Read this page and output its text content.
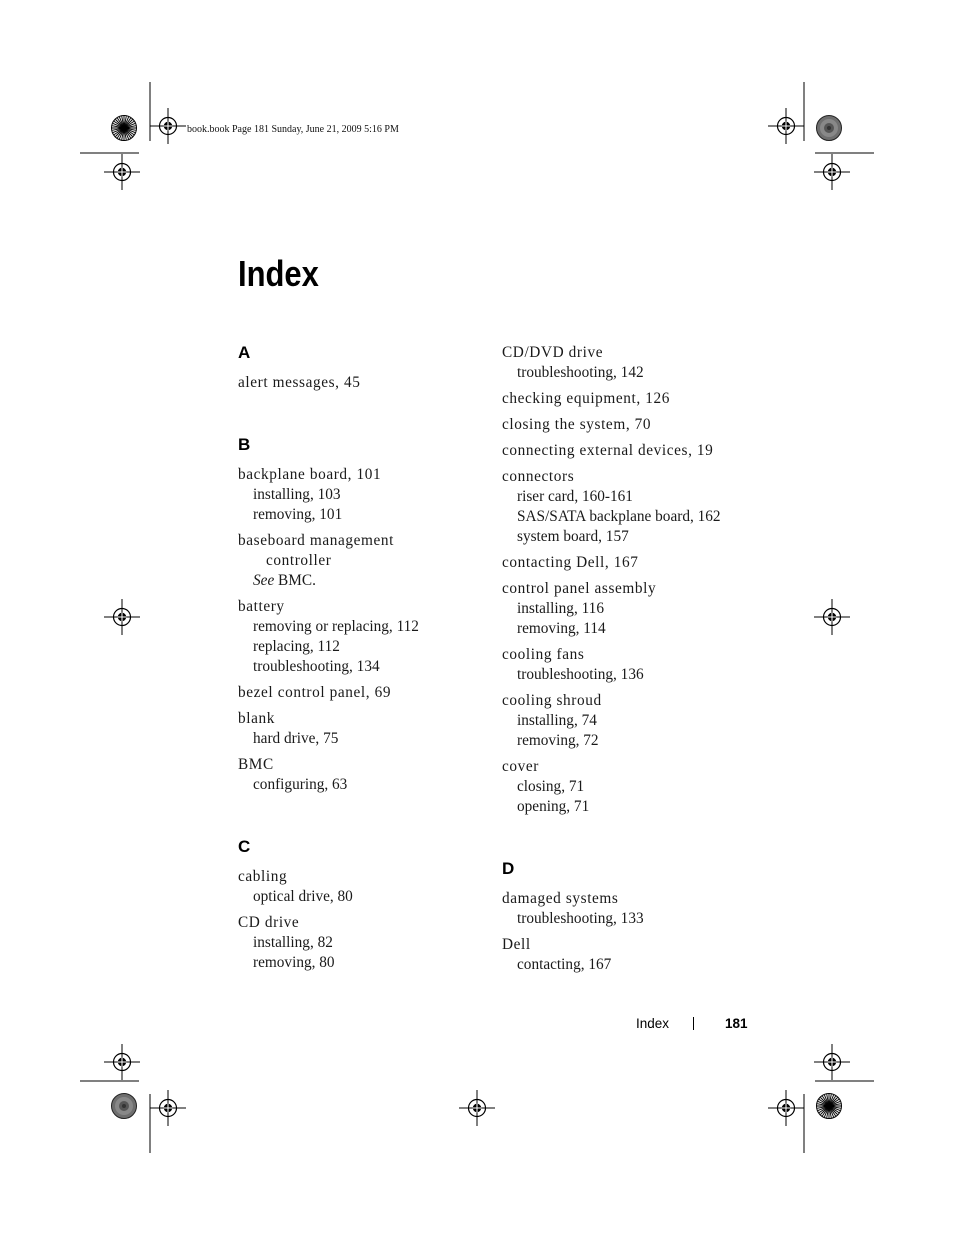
book.book Page 181 Sunday, June 21, 2009 5:16 PM
Index
A
alert messages, 45
B
backplane board, 101
installing, 103
removing, 101
baseboard management
controller
See BMC.
battery
removing or replacing, 112
replacing, 112
troubleshooting, 134
bezel control panel, 69
blank
hard drive, 75
BMC
configuring, 63
C
cabling
optical drive, 80
CD drive
installing, 82
removing, 80
CD/DVD drive
troubleshooting, 142
checking equipment, 126
closing the system, 70
connecting external devices, 19
connectors
riser card, 160-161
SAS/SATA backplane board, 162
system board, 157
contacting Dell, 167
control panel assembly
installing, 116
removing, 114
cooling fans
troubleshooting, 136
cooling shroud
installing, 74
removing, 72
cover
closing, 71
opening, 71
D
damaged systems
troubleshooting, 133
Dell
contacting, 167
Index	181
